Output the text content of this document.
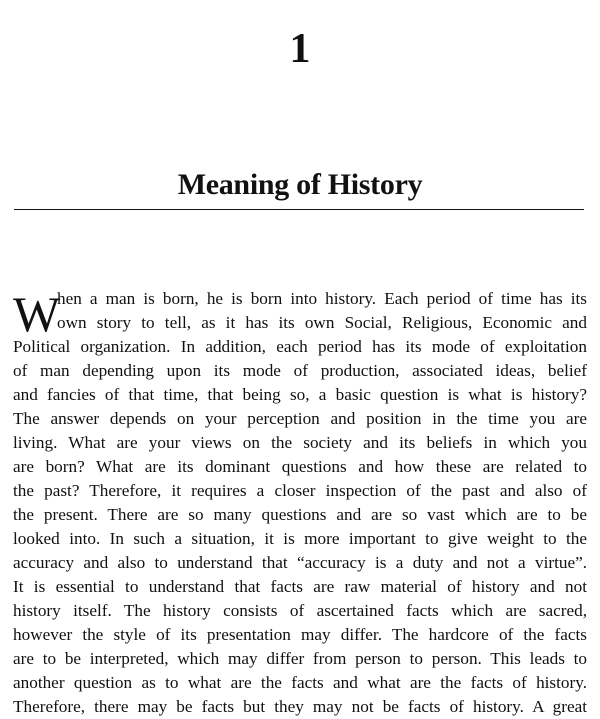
1
Meaning of History
W
hen a man is born, he is born into history. Each period of time has its
own story to tell, as it has its own Social, Religious, Economic and
Political organization. In addition, each period has its mode of exploitation
of man depending upon its mode of production, associated ideas, belief
and fancies of that time, that being so, a basic question is what is history?
The answer depends on your perception and position in the time you are
living. What are your views on the society and its beliefs in which you
are born? What are its dominant questions and how these are related to
the past? Therefore, it requires a closer inspection of the past and also of
the present. There are so many questions and are so vast which are to be
looked into. In such a situation, it is more important to give weight to the
accuracy and also to understand that “accuracy is a duty and not a virtue”.
It is essential to understand that facts are raw material of history and not
history itself. The history consists of ascertained facts which are sacred,
however the style of its presentation may differ. The hardcore of the facts
are to be interpreted, which may differ from person to person. This leads to
another question as to what are the facts and what are the facts of history.
Therefore, there may be facts but they may not be facts of history. A great
